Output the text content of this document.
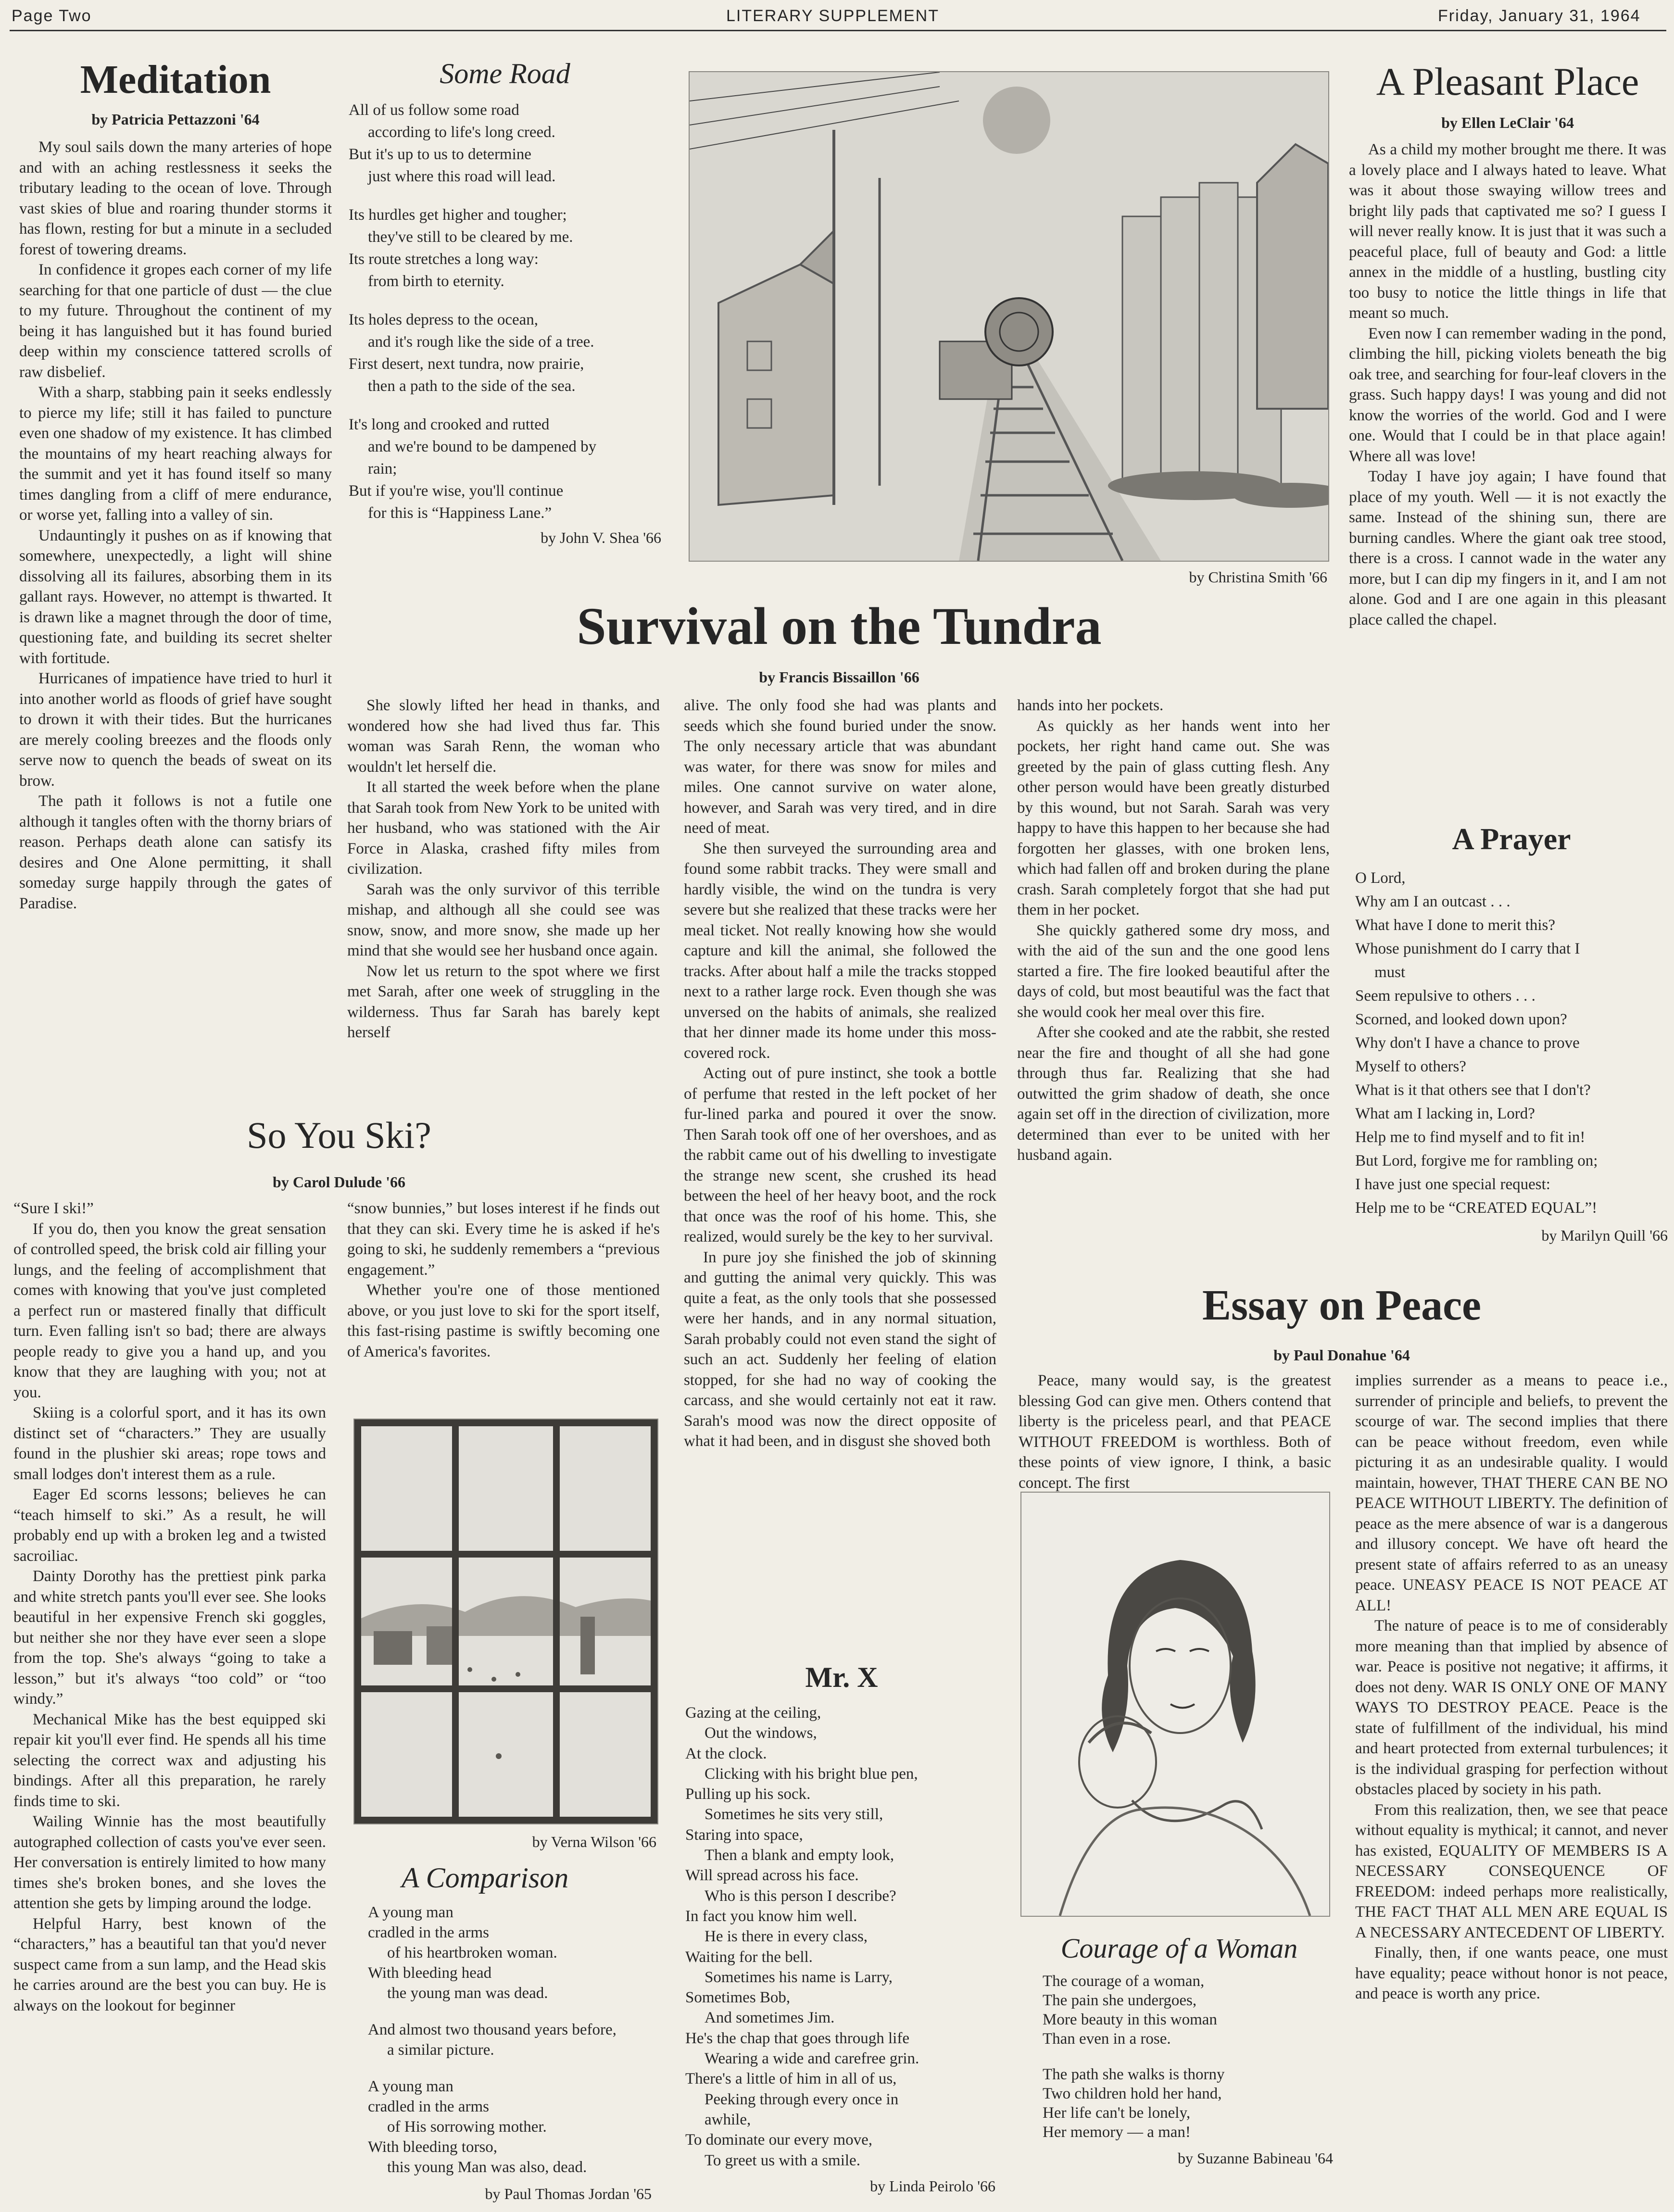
Page Two	LITERARY SUPPLEMENT	Friday, January 31, 1964
Meditation

by Patricia Pettazzoni '64

My soul sails down the many arteries of hope and with an aching restlessness it seeks the tributary leading to the ocean of love. Through vast skies of blue and roaring thunder storms it has flown, resting for but a minute in a secluded forest of towering dreams.

In confidence it gropes each corner of my life searching for that one particle of dust — the clue to my future. Throughout the continent of my being it has languished but it has found buried deep within my conscience tattered scrolls of raw disbelief.

With a sharp, stabbing pain it seeks endlessly to pierce my life; still it has failed to puncture even one shadow of my existence. It has climbed the mountains of my heart reaching always for the summit and yet it has found itself so many times dangling from a cliff of mere endurance, or worse yet, falling into a valley of sin.

Undauntingly it pushes on as if knowing that somewhere, unexpectedly, a light will shine dissolving all its failures, absorbing them in its gallant rays. However, no attempt is thwarted. It is drawn like a magnet through the door of time, questioning fate, and building its secret shelter with fortitude.

Hurricanes of impatience have tried to hurl it into another world as floods of grief have sought to drown it with their tides. But the hurricanes are merely cooling breezes and the floods only serve now to quench the beads of sweat on its brow.

The path it follows is not a futile one although it tangles often with the thorny briars of reason. Perhaps death alone can satisfy its desires and One Alone permitting, it shall someday surge happily through the gates of Paradise.

Some Road
All of us follow some road
according to life's long creed.
But it's up to us to determine
just where this road will lead.
Its hurdles get higher and tougher;
they've still to be cleared by me.
Its route stretches a long way:
from birth to eternity.
Its holes depress to the ocean,
and it's rough like the side of a tree.
First desert, next tundra, now prairie,
then a path to the side of the sea.
It's long and crooked and rutted
and we're bound to be dampened by
rain;
But if you're wise, you'll continue
for this is “Happiness Lane.”

by John V. Shea '66

by Christina Smith '66

A Pleasant Place

by Ellen LeClair '64

As a child my mother brought me there. It was a lovely place and I always hated to leave. What was it about those swaying willow trees and bright lily pads that captivated me so? I guess I will never really know. It is just that it was such a peaceful place, full of beauty and God: a little annex in the middle of a hustling, bustling city too busy to notice the little things in life that meant so much.

Even now I can remember wading in the pond, climbing the hill, picking violets beneath the big oak tree, and searching for four-leaf clovers in the grass. Such happy days! I was young and did not know the worries of the world. God and I were one. Would that I could be in that place again! Where all was love!

Today I have joy again; I have found that place of my youth. Well — it is not exactly the same. Instead of the shining sun, there are burning candles. Where the giant oak tree stood, there is a cross. I cannot wade in the water any more, but I can dip my fingers in it, and I am not alone. God and I are one again in this pleasant place called the chapel.

Survival on the Tundra

by Francis Bissaillon '66

She slowly lifted her head in thanks, and wondered how she had lived thus far. This woman was Sarah Renn, the woman who wouldn't let herself die.

It all started the week before when the plane that Sarah took from New York to be united with her husband, who was stationed with the Air Force in Alaska, crashed fifty miles from civilization.

Sarah was the only survivor of this terrible mishap, and although all she could see was snow, snow, and more snow, she made up her mind that she would see her husband once again.

Now let us return to the spot where we first met Sarah, after one week of struggling in the wilderness. Thus far Sarah has barely kept herself

alive. The only food she had was plants and seeds which she found buried under the snow. The only necessary article that was abundant was water, for there was snow for miles and miles. One cannot survive on water alone, however, and Sarah was very tired, and in dire need of meat.

She then surveyed the surrounding area and found some rabbit tracks. They were small and hardly visible, the wind on the tundra is very severe but she realized that these tracks were her meal ticket. Not really knowing how she would capture and kill the animal, she followed the tracks. After about half a mile the tracks stopped next to a rather large rock. Even though she was unversed on the habits of animals, she realized that her dinner made its home under this moss-covered rock.

Acting out of pure instinct, she took a bottle of perfume that rested in the left pocket of her fur-lined parka and poured it over the snow. Then Sarah took off one of her overshoes, and as the rabbit came out of his dwelling to investigate the strange new scent, she crushed its head between the heel of her heavy boot, and the rock that once was the roof of his home. This, she realized, would surely be the key to her survival.

In pure joy she finished the job of skinning and gutting the animal very quickly. This was quite a feat, as the only tools that she possessed were her hands, and in any normal situation, Sarah probably could not even stand the sight of such an act. Suddenly her feeling of elation stopped, for she had no way of cooking the carcass, and she would certainly not eat it raw. Sarah's mood was now the direct opposite of what it had been, and in disgust she shoved both

hands into her pockets.

As quickly as her hands went into her pockets, her right hand came out. She was greeted by the pain of glass cutting flesh. Any other person would have been greatly disturbed by this wound, but not Sarah. Sarah was very happy to have this happen to her because she had forgotten her glasses, with one broken lens, which had fallen off and broken during the plane crash. Sarah completely forgot that she had put them in her pocket.

She quickly gathered some dry moss, and with the aid of the sun and the one good lens started a fire. The fire looked beautiful after the days of cold, but most beautiful was the fact that she would cook her meal over this fire.

After she cooked and ate the rabbit, she rested near the fire and thought of all she had gone through thus far. Realizing that she had outwitted the grim shadow of death, she once again set off in the direction of civilization, more determined than ever to be united with her husband again.

A Prayer
O Lord,
Why am I an outcast . . .
What have I done to merit this?
Whose punishment do I carry that I
must
Seem repulsive to others . . .
Scorned, and looked down upon?
Why don't I have a chance to prove
Myself to others?
What is it that others see that I don't?
What am I lacking in, Lord?
Help me to find myself and to fit in!
But Lord, forgive me for rambling on;
I have just one special request:
Help me to be “CREATED EQUAL”!

by Marilyn Quill '66

So You Ski?

by Carol Dulude '66

“Sure I ski!”

If you do, then you know the great sensation of controlled speed, the brisk cold air filling your lungs, and the feeling of accomplishment that comes with knowing that you've just completed a perfect run or mastered finally that difficult turn. Even falling isn't so bad; there are always people ready to give you a hand up, and you know that they are laughing with you; not at you.

Skiing is a colorful sport, and it has its own distinct set of “characters.” They are usually found in the plushier ski areas; rope tows and small lodges don't interest them as a rule.

Eager Ed scorns lessons; believes he can “teach himself to ski.” As a result, he will probably end up with a broken leg and a twisted sacroiliac.

Dainty Dorothy has the prettiest pink parka and white stretch pants you'll ever see. She looks beautiful in her expensive French ski goggles, but neither she nor they have ever seen a slope from the top. She's always “going to take a lesson,” but it's always “too cold” or “too windy.”

Mechanical Mike has the best equipped ski repair kit you'll ever find. He spends all his time selecting the correct wax and adjusting his bindings. After all this preparation, he rarely finds time to ski.

Wailing Winnie has the most beautifully autographed collection of casts you've ever seen. Her conversation is entirely limited to how many times she's broken bones, and she loves the attention she gets by limping around the lodge.

Helpful Harry, best known of the “characters,” has a beautiful tan that you'd never suspect came from a sun lamp, and the Head skis he carries around are the best you can buy. He is always on the lookout for beginner

“snow bunnies,” but loses interest if he finds out that they can ski. Every time he is asked if he's going to ski, he suddenly remembers a “previous engagement.”

Whether you're one of those mentioned above, or you just love to ski for the sport itself, this fast-rising pastime is swiftly becoming one of America's favorites.

by Verna Wilson '66

A Comparison
A young man
cradled in the arms
of his heartbroken woman.
With bleeding head
the young man was dead.
And almost two thousand years before,
a similar picture.
A young man
cradled in the arms
of His sorrowing mother.
With bleeding torso,
this young Man was also, dead.

by Paul Thomas Jordan '65

Mr. X
Gazing at the ceiling,
Out the windows,
At the clock.
Clicking with his bright blue pen,
Pulling up his sock.
Sometimes he sits very still,
Staring into space,
Then a blank and empty look,
Will spread across his face.
Who is this person I describe?
In fact you know him well.
He is there in every class,
Waiting for the bell.
Sometimes his name is Larry,
Sometimes Bob,
And sometimes Jim.
He's the chap that goes through life
Wearing a wide and carefree grin.
There's a little of him in all of us,
Peeking through every once in
awhile,
To dominate our every move,
To greet us with a smile.

by Linda Peirolo '66

Essay on Peace

by Paul Donahue '64

Peace, many would say, is the greatest blessing God can give men. Others contend that liberty is the priceless pearl, and that PEACE WITHOUT FREEDOM is worthless. Both of these points of view ignore, I think, a basic concept. The first

implies surrender as a means to peace i.e., surrender of principle and beliefs, to prevent the scourge of war. The second implies that there can be peace without freedom, even while picturing it as an undesirable quality. I would maintain, however, THAT THERE CAN BE NO PEACE WITHOUT LIBERTY. The definition of peace as the mere absence of war is a dangerous and illusory concept. We have oft heard the present state of affairs referred to as an uneasy peace. UNEASY PEACE IS NOT PEACE AT ALL!

The nature of peace is to me of considerably more meaning than that implied by absence of war. Peace is positive not negative; it affirms, it does not deny. WAR IS ONLY ONE OF MANY WAYS TO DESTROY PEACE. Peace is the state of fulfillment of the individual, his mind and heart protected from external turbulences; it is the individual grasping for perfection without obstacles placed by society in his path.

From this realization, then, we see that peace without equality is mythical; it cannot, and never has existed, EQUALITY OF MEMBERS IS A NECESSARY CONSEQUENCE OF FREEDOM: indeed perhaps more realistically, THE FACT THAT ALL MEN ARE EQUAL IS A NECESSARY ANTECEDENT OF LIBERTY.

Finally, then, if one wants peace, one must have equality; peace without honor is not peace, and peace is worth any price.

Courage of a Woman
The courage of a woman,
The pain she undergoes,
More beauty in this woman
Than even in a rose.
The path she walks is thorny
Two children hold her hand,
Her life can't be lonely,
Her memory — a man!

by Suzanne Babineau '64
